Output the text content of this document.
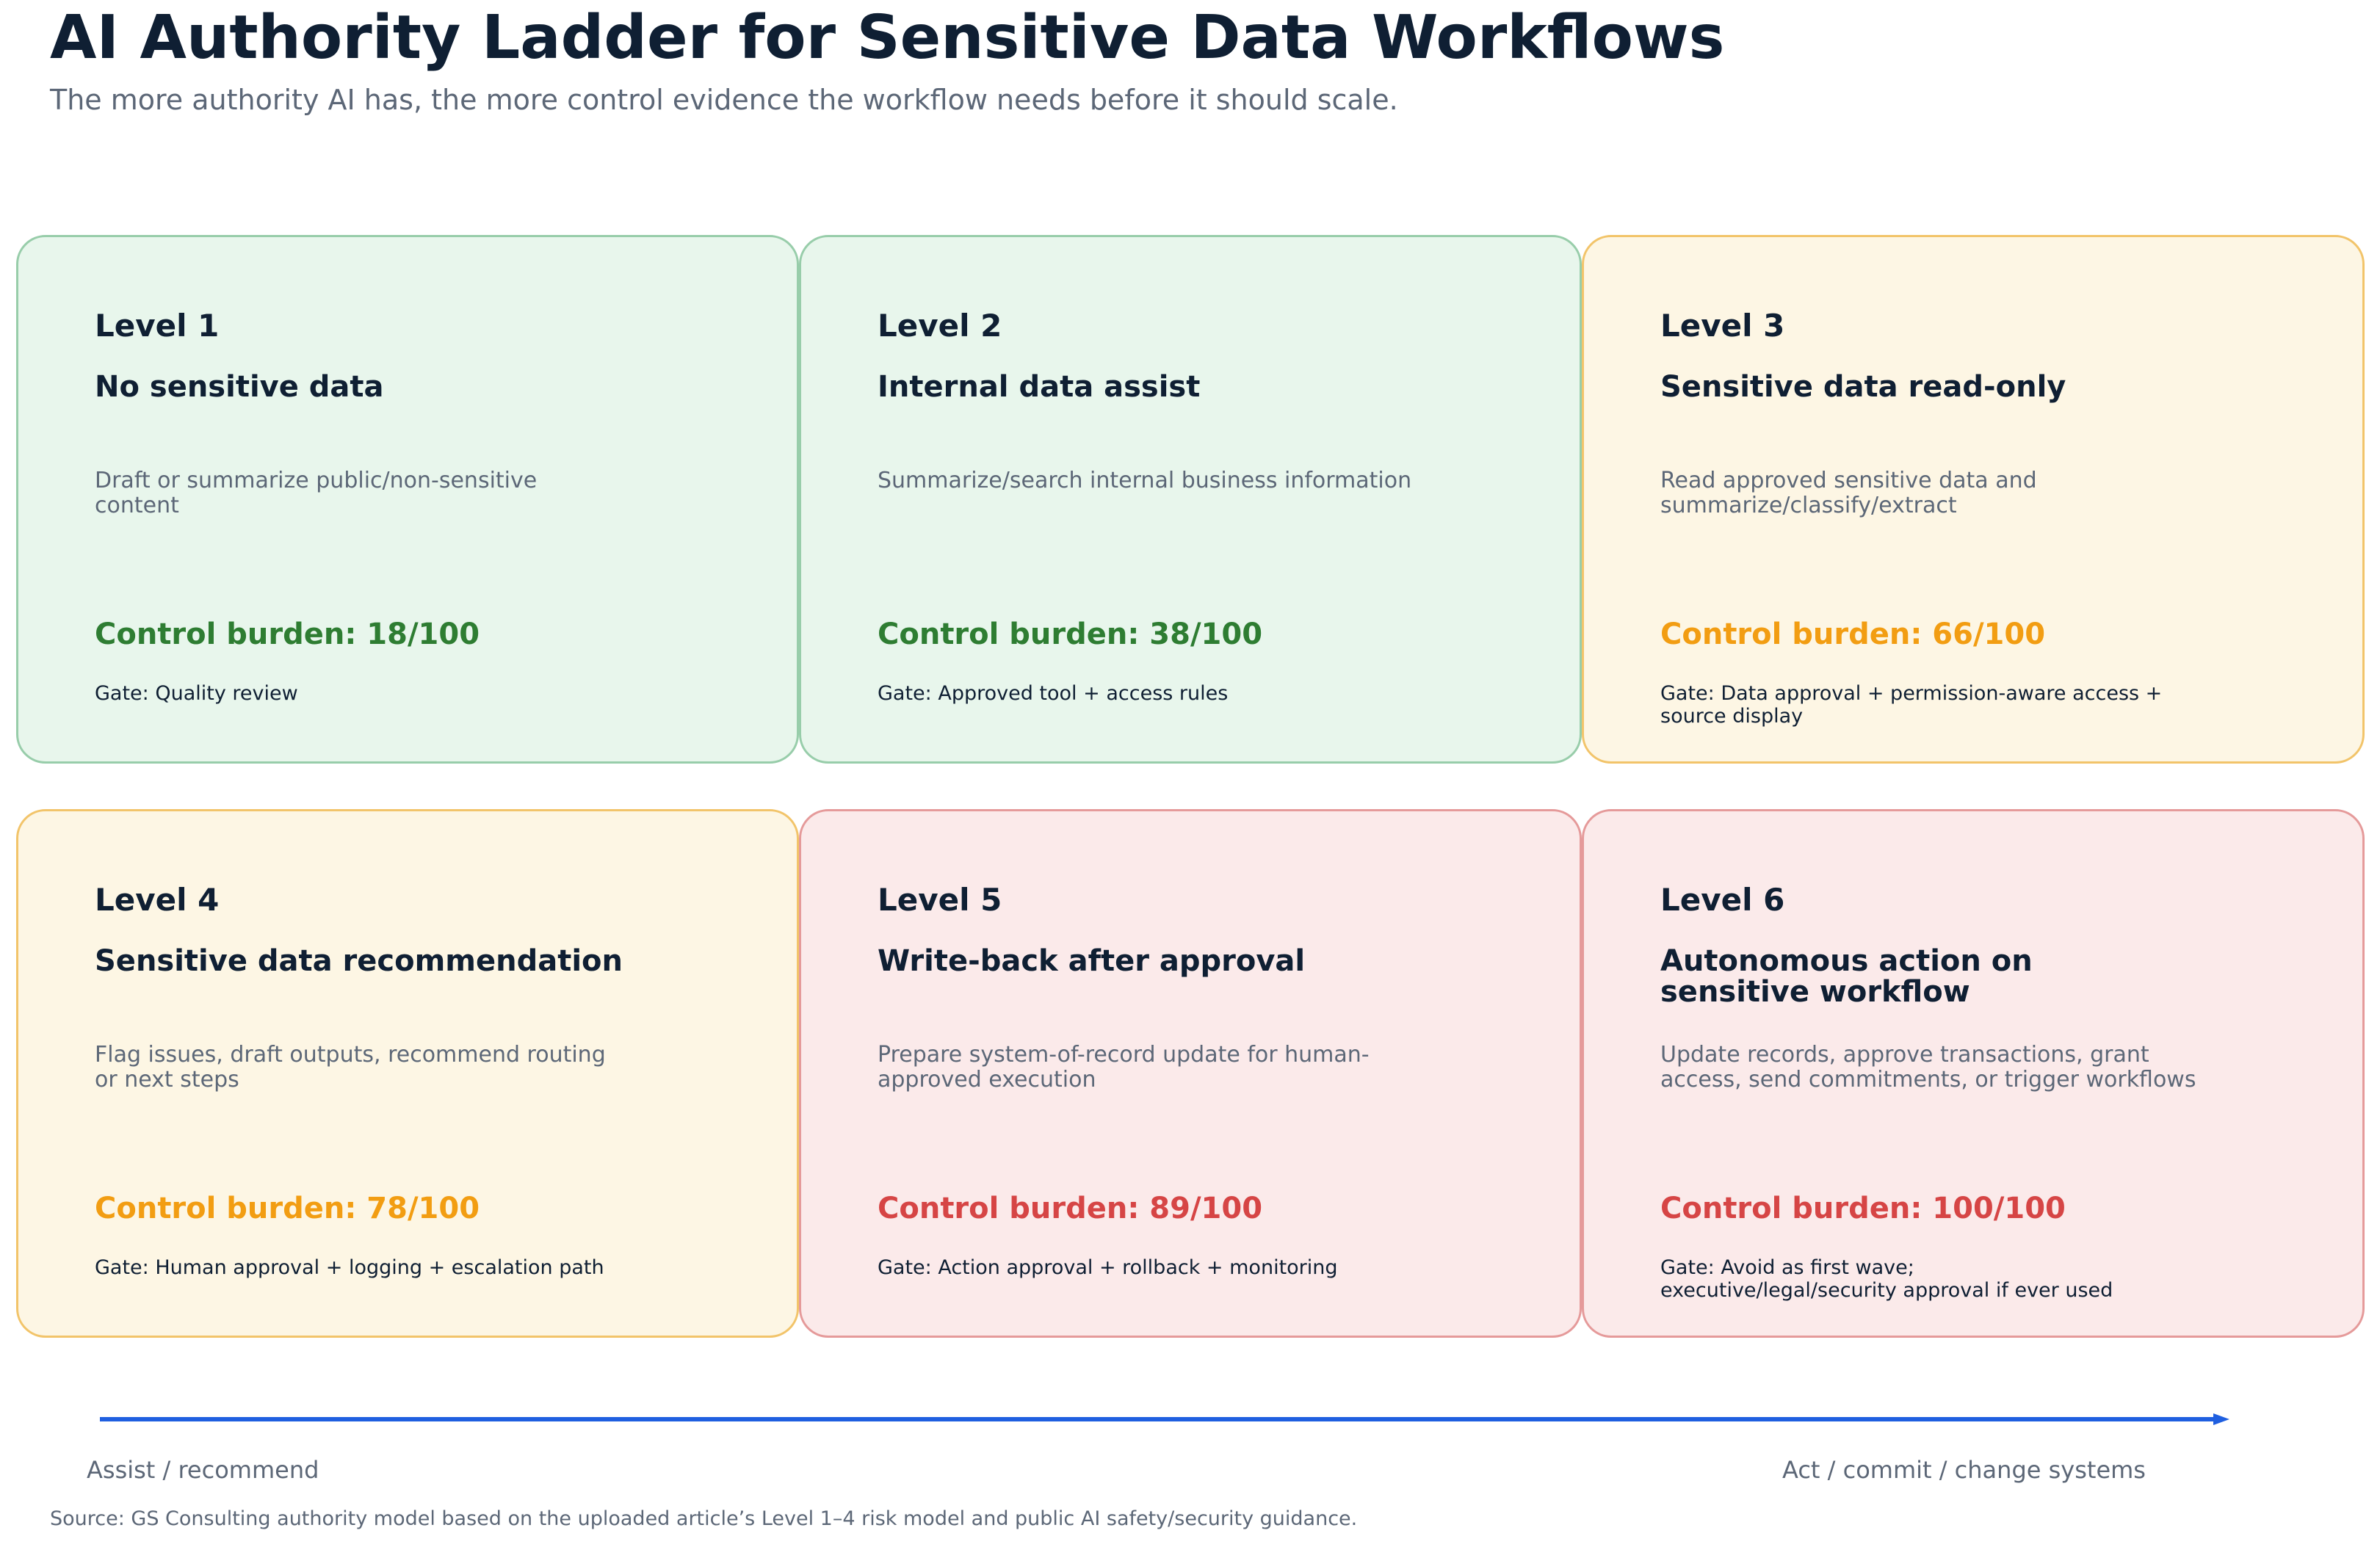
AI Authority Ladder for Sensitive Data Workflows

The more authority AI has, the more control evidence the workflow needs before it should scale.

Level 1
No sensitive data
Draft or summarize public/non-sensitive content
Control burden: 18/100
Gate: Quality review
Level 2
Internal data assist
Summarize/search internal business information
Control burden: 38/100
Gate: Approved tool + access rules
Level 3
Sensitive data read-only
Read approved sensitive data and summarize/classify/extract
Control burden: 66/100
Gate: Data approval + permission-aware access + source display
Level 4
Sensitive data recommendation
Flag issues, draft outputs, recommend routing or next steps
Control burden: 78/100
Gate: Human approval + logging + escalation path
Level 5
Write-back after approval
Prepare system-of-record update for human-approved execution
Control burden: 89/100
Gate: Action approval + rollback + monitoring
Level 6
Autonomous action on sensitive workflow
Update records, approve transactions, grant access, send commitments, or trigger workflows
Control burden: 100/100
Gate: Avoid as first wave; executive/legal/security approval if ever used
Assist / recommend	Act / commit / change systems
Source: GS Consulting authority model based on the uploaded article’s Level 1–4 risk model and public AI safety/security guidance.
